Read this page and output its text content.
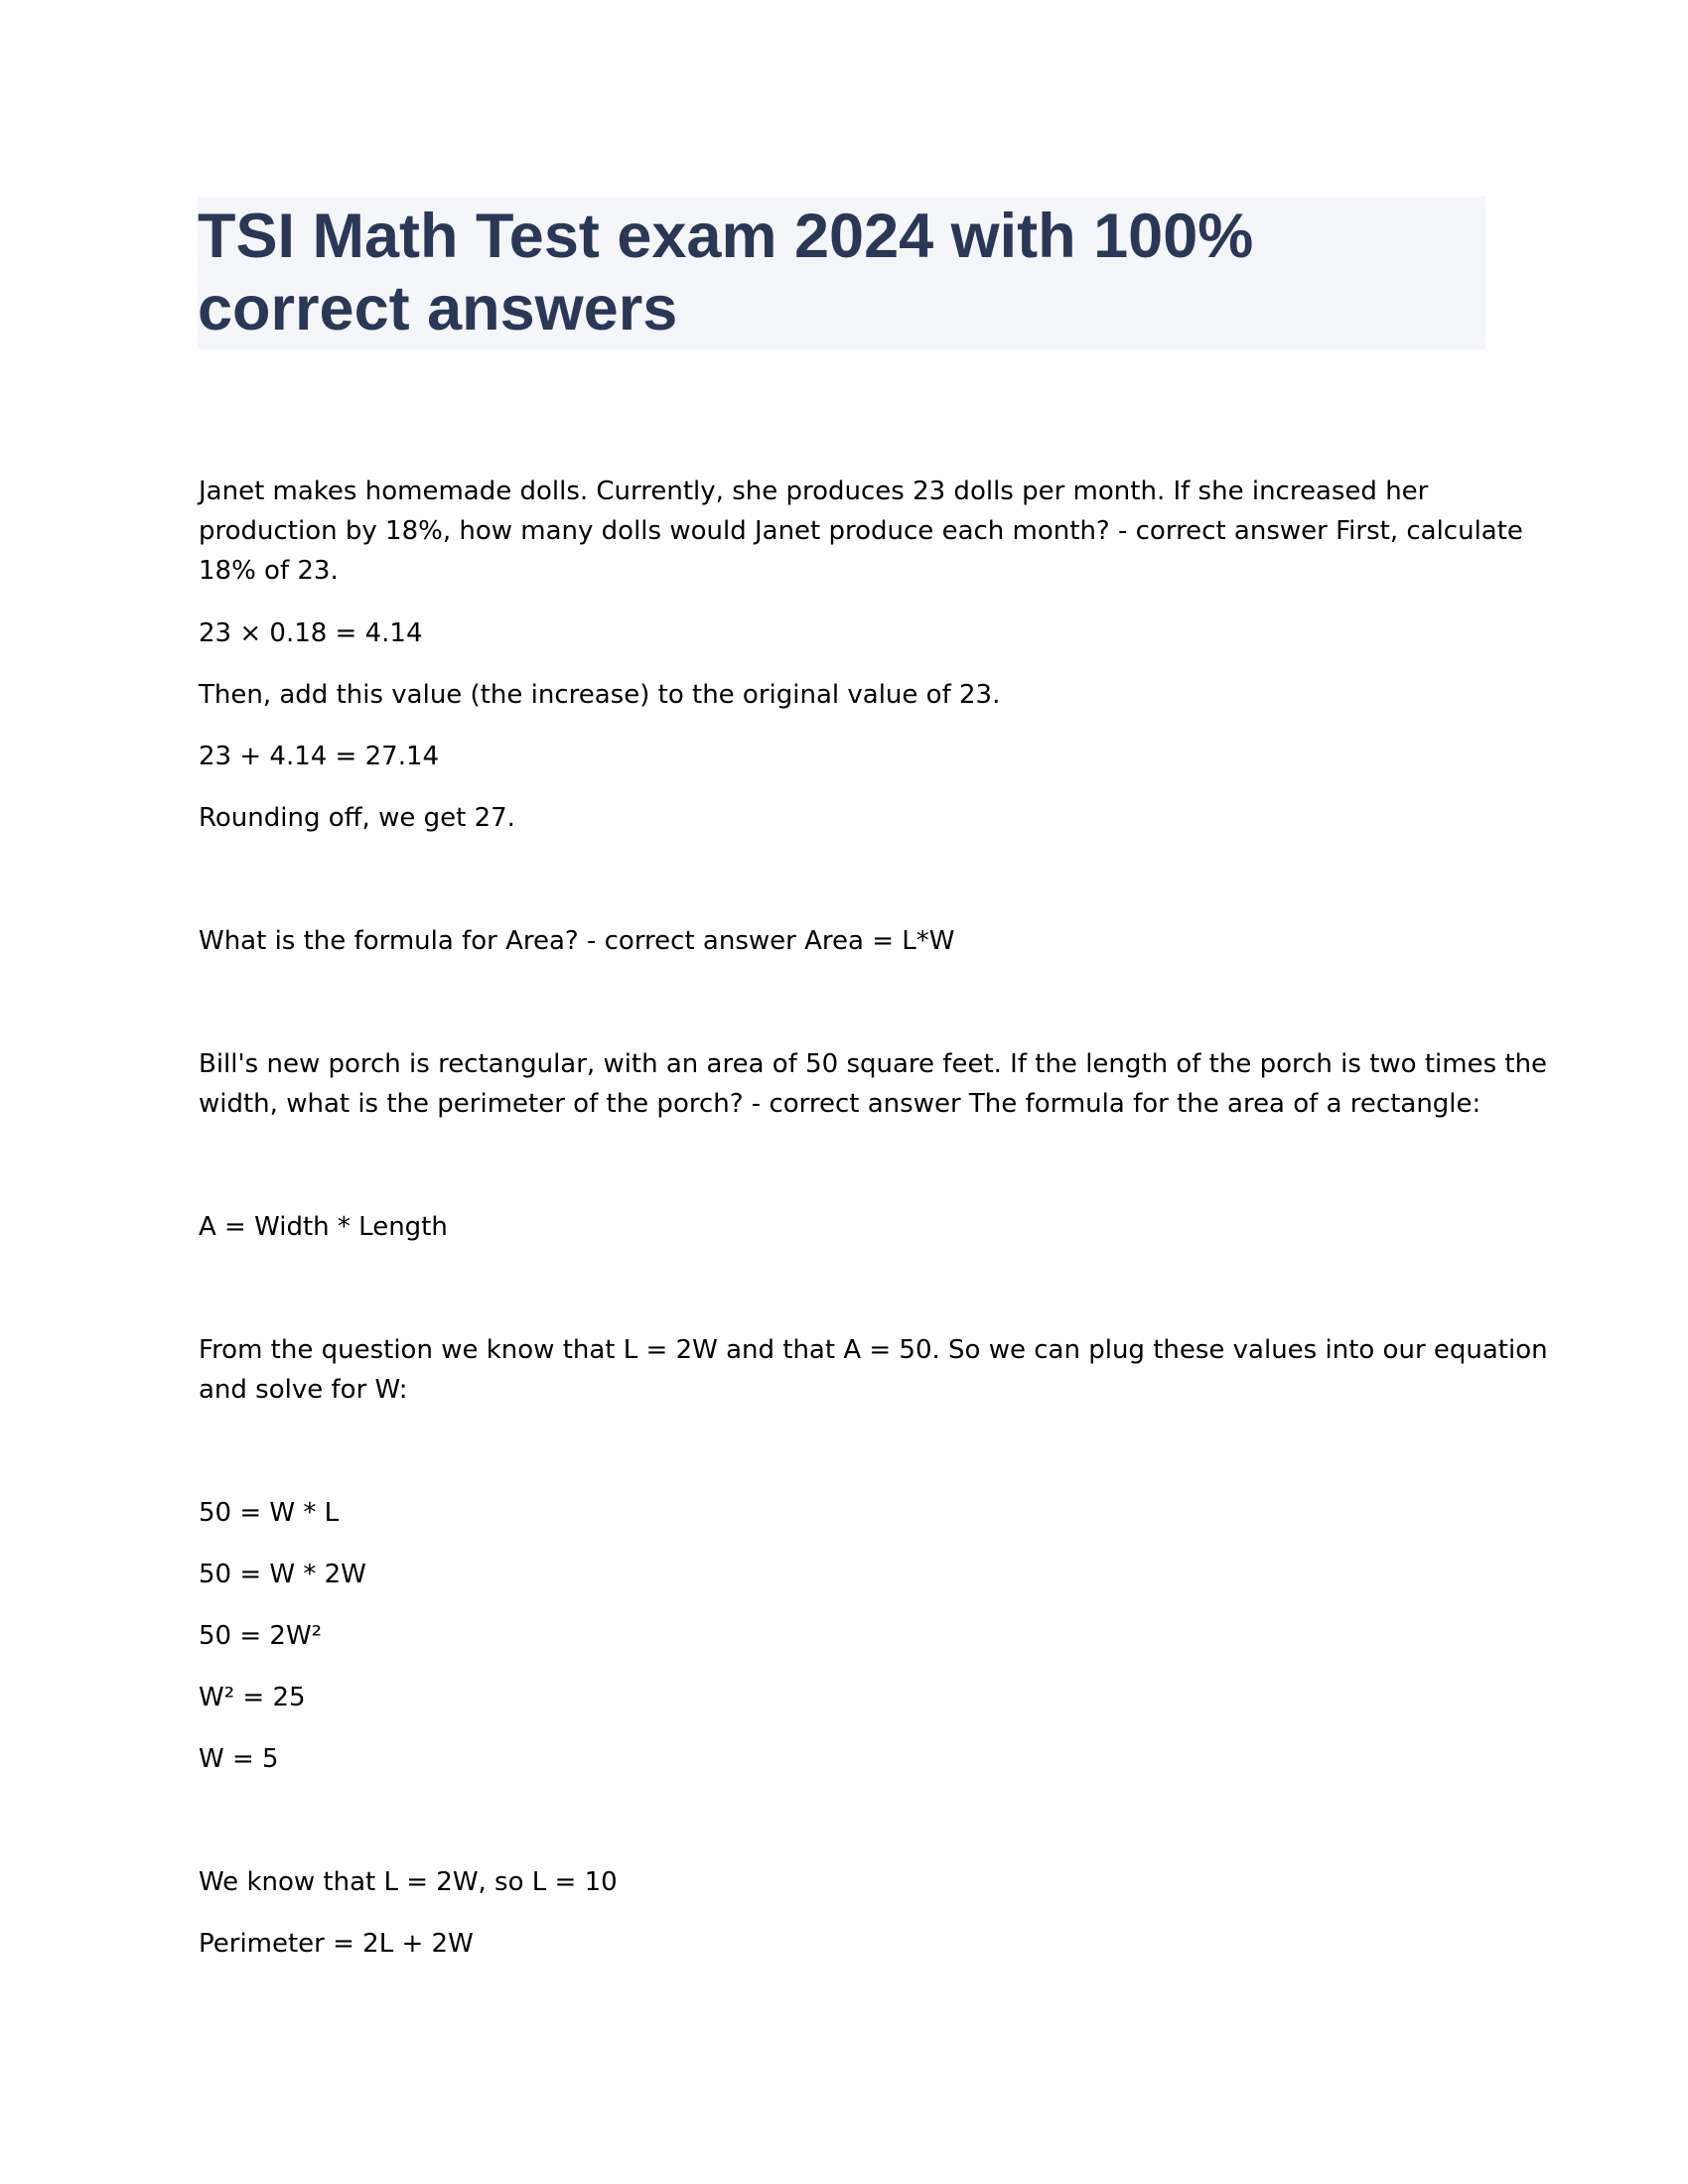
TSI Math Test exam 2024 with 100%
correct answers

Janet makes homemade dolls. Currently, she produces 23 dolls per month. If she increased her

production by 18%, how many dolls would Janet produce each month? - correct answer First, calculate

18% of 23.

23 × 0.18 = 4.14

Then, add this value (the increase) to the original value of 23.

23 + 4.14 = 27.14

Rounding off, we get 27.

What is the formula for Area? - correct answer Area = L*W

Bill's new porch is rectangular, with an area of 50 square feet. If the length of the porch is two times the

width, what is the perimeter of the porch? - correct answer The formula for the area of a rectangle:

A = Width * Length

From the question we know that L = 2W and that A = 50. So we can plug these values into our equation

and solve for W:

50 = W * L

50 = W * 2W

50 = 2W²

W² = 25

W = 5

We know that L = 2W, so L = 10

Perimeter = 2L + 2W
